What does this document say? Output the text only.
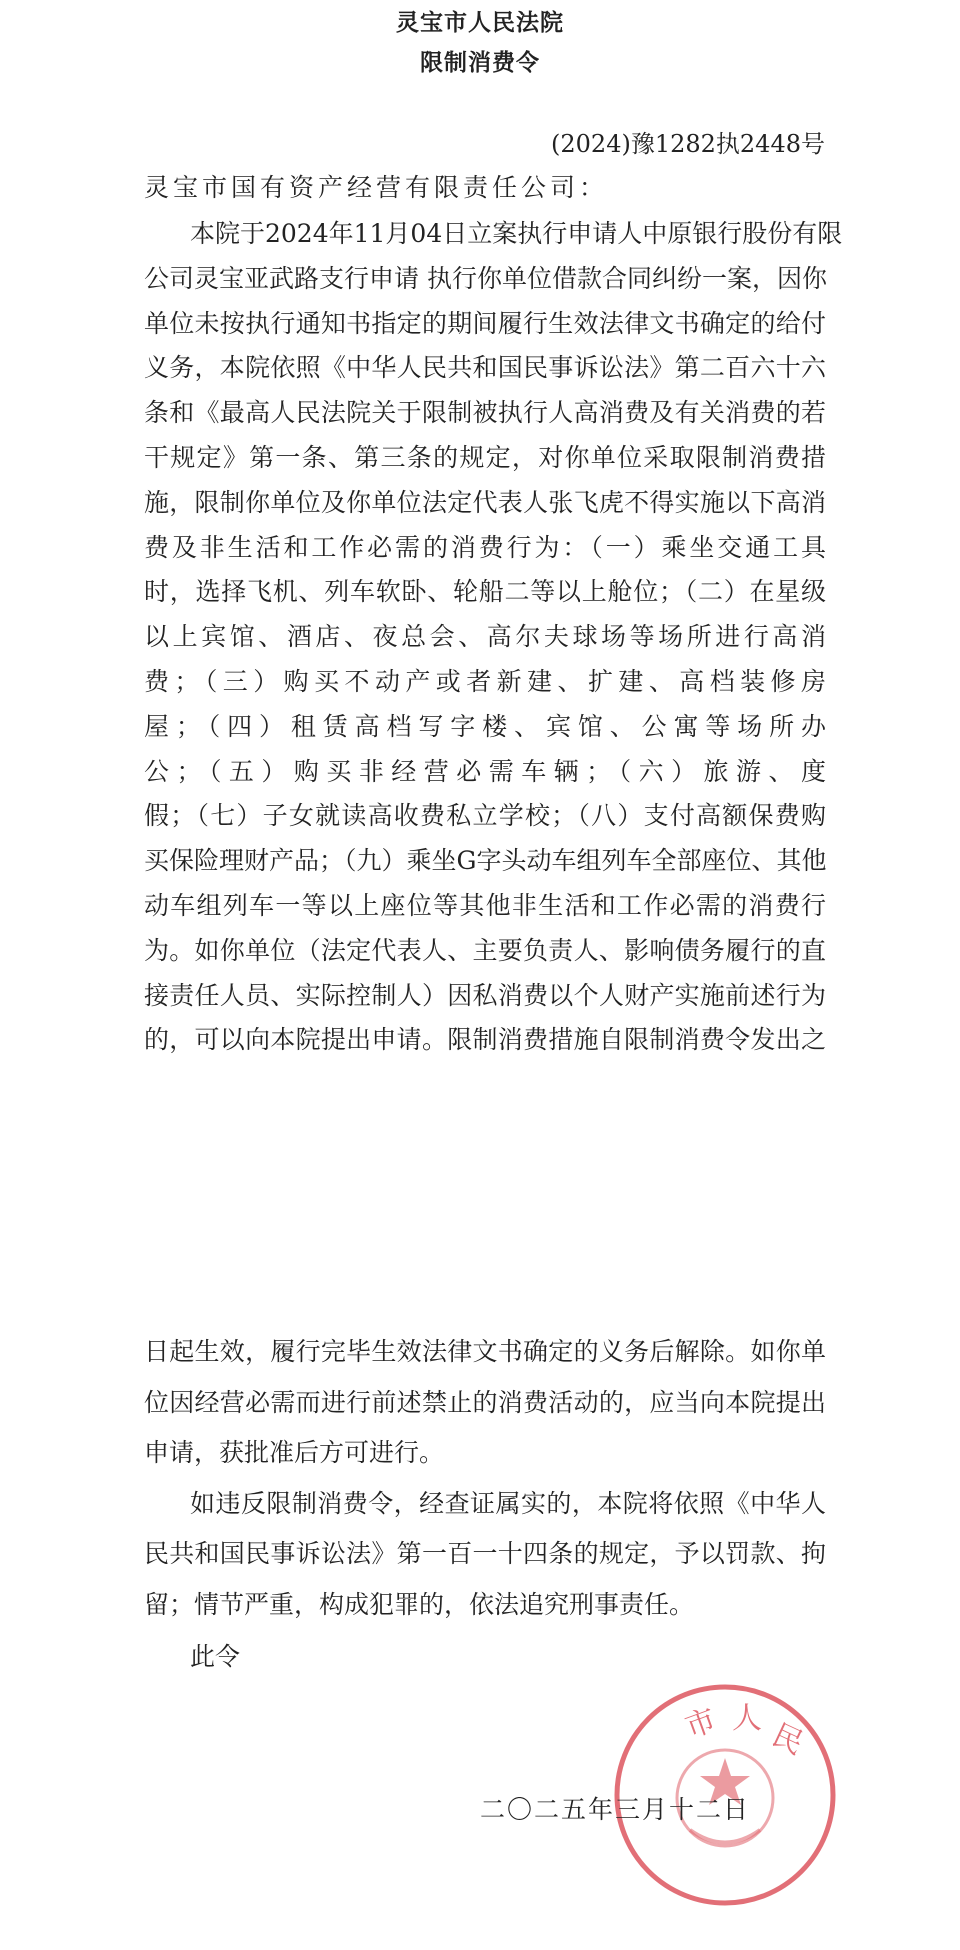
灵宝市人民法院
限制消费令
(2024)豫1282执2448号
灵宝市国有资产经营有限责任公司：
本院于2024年11月04日立案执行申请人中原银行股份有限
公司灵宝亚武路支行申请 执行你单位借款合同纠纷一案，因你
单位未按执行通知书指定的期间履行生效法律文书确定的给付
义务，本院依照《中华人民共和国民事诉讼法》第二百六十六
条和《最高人民法院关于限制被执行人高消费及有关消费的若
干规定》第一条、第三条的规定，对你单位采取限制消费措
施，限制你单位及你单位法定代表人张飞虎不得实施以下高消
费及非生活和工作必需的消费行为：（一）乘坐交通工具
时，选择飞机、列车软卧、轮船二等以上舱位；（二）在星级
以上宾馆、酒店、夜总会、高尔夫球场等场所进行高消
费；（三）购买不动产或者新建、扩建、高档装修房
屋；（四）租赁高档写字楼、宾馆、公寓等场所办
公；（五）购买非经营必需车辆；（六）旅游、度
假；（七）子女就读高收费私立学校；（八）支付高额保费购
买保险理财产品；（九）乘坐G字头动车组列车全部座位、其他
动车组列车一等以上座位等其他非生活和工作必需的消费行
为。如你单位（法定代表人、主要负责人、影响债务履行的直
接责任人员、实际控制人）因私消费以个人财产实施前述行为
的，可以向本院提出申请。限制消费措施自限制消费令发出之
日起生效，履行完毕生效法律文书确定的义务后解除。如你单
位因经营必需而进行前述禁止的消费活动的，应当向本院提出
申请，获批准后方可进行。
如违反限制消费令，经查证属实的，本院将依照《中华人
民共和国民事诉讼法》第一百一十四条的规定，予以罚款、拘
留；情节严重，构成犯罪的，依法追究刑事责任。
此令
市 人 民
二〇二五年三月十二日
